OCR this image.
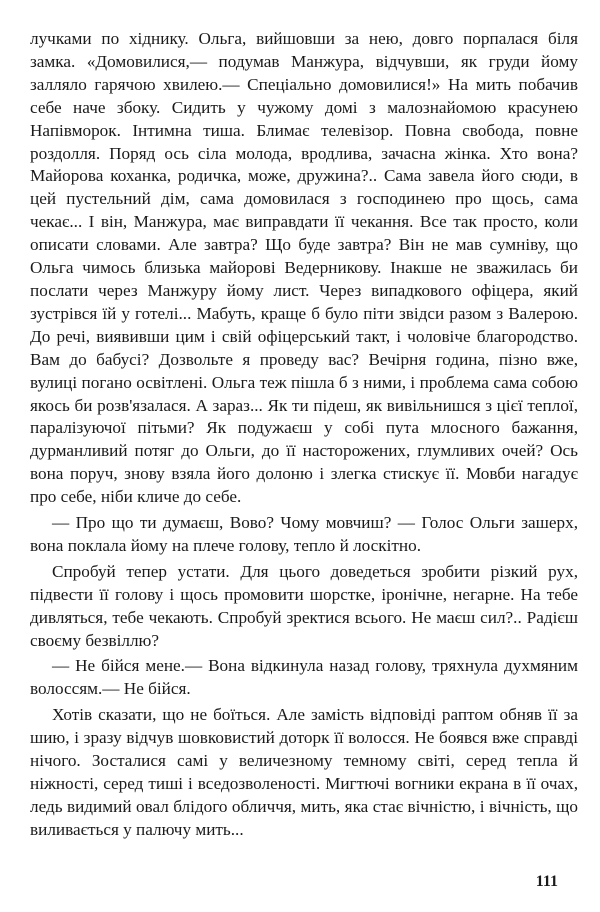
лучками по хіднику. Ольга, вийшовши за нею, довго порпалася біля замка. «Домовилися,— подумав Манжура, відчувши, як груди йому залляло гарячою хвилею.— Спеціально домовилися!» На мить побачив себе наче збоку. Сидить у чужому домі з малознайомою красунею Напівморок. Інтимна тиша. Блимає телевізор. Повна свобода, повне роздолля. Поряд ось сіла молода, вродлива, зачасна жінка. Хто вона? Майорова коханка, родичка, може, дружина?.. Сама завела його сюди, в цей пустельний дім, сама домовилася з господинею про щось, сама чекає... І він, Манжура, має виправдати її чекання. Все так просто, коли описати словами. Але завтра? Що буде завтра? Він не мав сумніву, що Ольга чимось близька майорові Ведерникову. Інакше не зважилась би послати через Манжуру йому лист. Через випадкового офіцера, який зустрівся їй у готелі... Мабуть, краще б було піти звідси разом з Валерою. До речі, виявивши цим і свій офіцерський такт, і чоловіче благородство. Вам до бабусі? Дозвольте я проведу вас? Вечірня година, пізно вже, вулиці погано освітлені. Ольга теж пішла б з ними, і проблема сама собою якось би розв'язалася. А зараз... Як ти підеш, як вивільнишся з цієї теплої, паралізуючої пітьми? Як подужаєш у собі пута млосного бажання, дурманливий потяг до Ольги, до її насторожених, глумливих очей? Ось вона поруч, знову взяла його долоню і злегка стискує її. Мовби нагадує про себе, ніби кличе до себе.

— Про що ти думаєш, Вово? Чому мовчиш? — Голос Ольги зашерх, вона поклала йому на плече голову, тепло й лоскітно.

Спробуй тепер устати. Для цього доведеться зробити різкий рух, підвести її голову і щось промовити шорстке, іронічне, негарне. На тебе дивляться, тебе чекають. Спробуй зректися всього. Не маєш сил?.. Радієш своєму безвіллю?

— Не бійся мене.— Вона відкинула назад голову, тряхнула духмяним волоссям.— Не бійся.

Хотів сказати, що не боїться. Але замість відповіді раптом обняв її за шию, і зразу відчув шовковистий доторк її волосся. Не боявся вже справді нічого. Зосталися самі у величезному темному світі, серед тепла й ніжності, серед тиші і вседозволеності. Мигтючі вогники екрана в її очах, ледь видимий овал блідого обличчя, мить, яка стає вічністю, і вічність, що виливається у палючу мить...

111
